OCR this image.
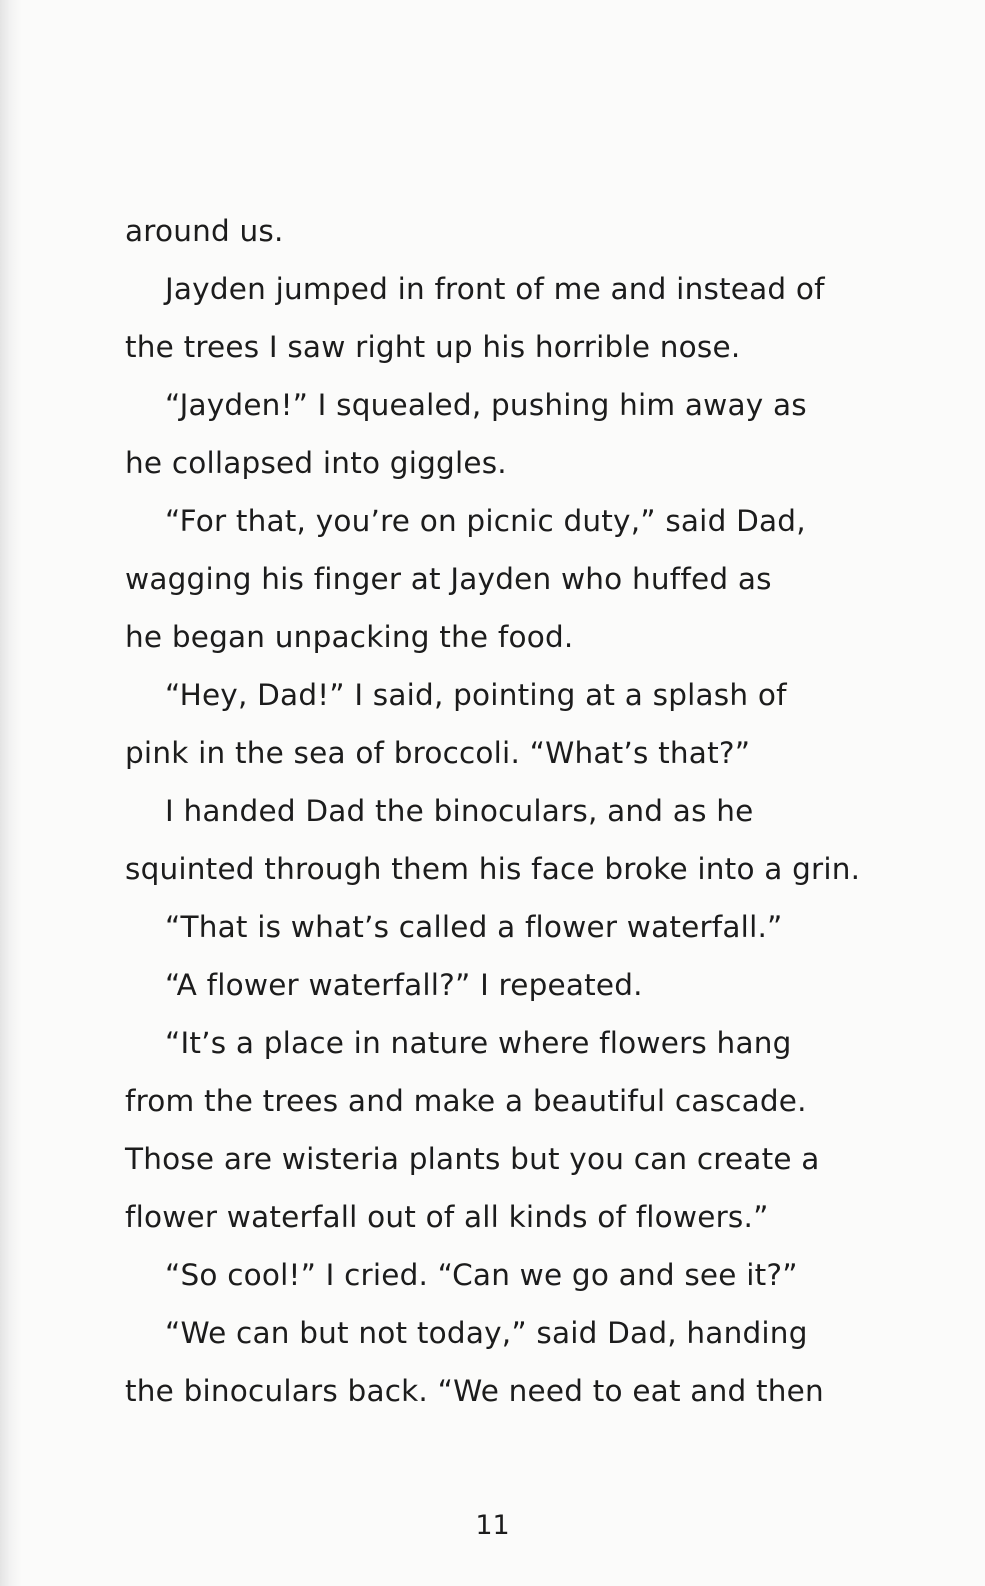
around us.
Jayden jumped in front of me and instead of
the trees I saw right up his horrible nose.
“Jayden!” I squealed, pushing him away as
he collapsed into giggles.
“For that, you’re on picnic duty,” said Dad,
wagging his finger at Jayden who huffed as
he began unpacking the food.
“Hey, Dad!” I said, pointing at a splash of
pink in the sea of broccoli. “What’s that?”
I handed Dad the binoculars, and as he
squinted through them his face broke into a grin.
“That is what’s called a flower waterfall.”
“A flower waterfall?” I repeated.
“It’s a place in nature where flowers hang
from the trees and make a beautiful cascade.
Those are wisteria plants but you can create a
flower waterfall out of all kinds of flowers.”
“So cool!” I cried. “Can we go and see it?”
“We can but not today,” said Dad, handing
the binoculars back. “We need to eat and then
11
